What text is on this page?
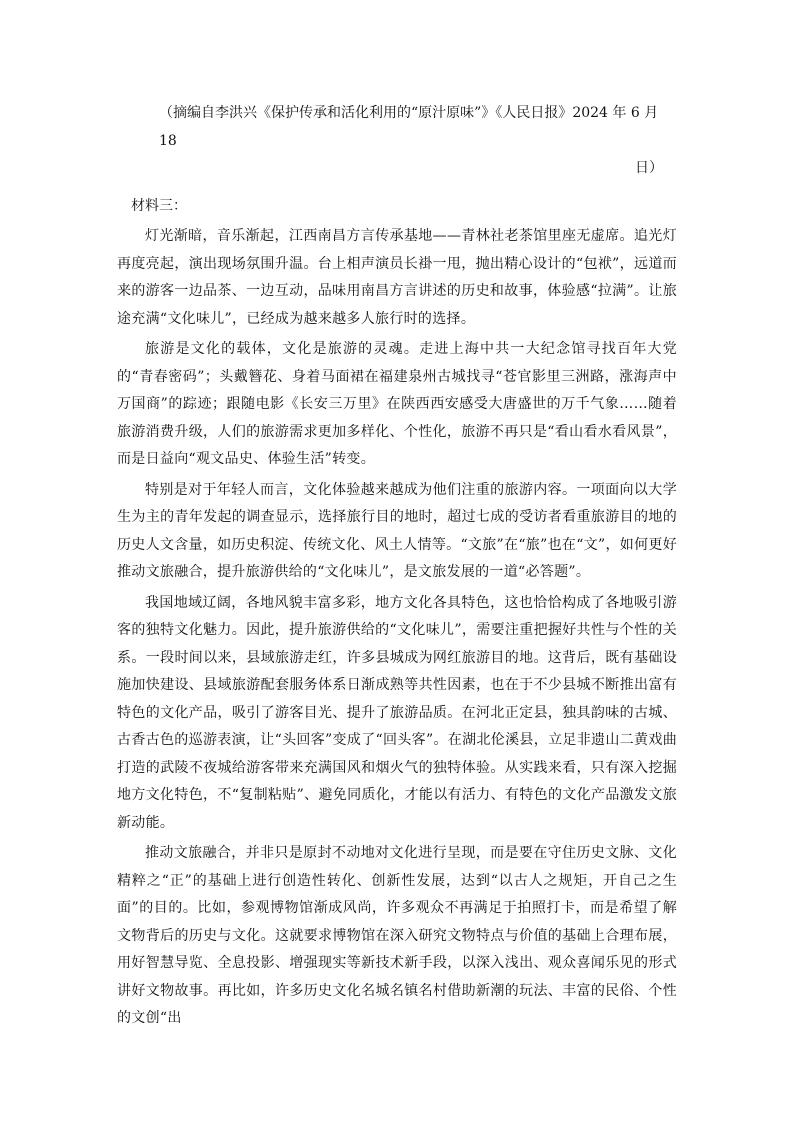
（摘编自李洪兴《保护传承和活化利用的“原汁原味”》《人民日报》2024 年 6 月 18
日）
材料三：

灯光渐暗，音乐渐起，江西南昌方言传承基地——青林社老茶馆里座无虚席。追光灯再度亮起，演出现场氛围升温。台上相声演员长褂一甩，抛出精心设计的“包袱”，远道而来的游客一边品茶、一边互动，品味用南昌方言讲述的历史和故事，体验感“拉满”。让旅途充满“文化味儿”，已经成为越来越多人旅行时的选择。

旅游是文化的载体，文化是旅游的灵魂。走进上海中共一大纪念馆寻找百年大党的“青春密码”；头戴簪花、身着马面裙在福建泉州古城找寻“苍官影里三洲路，涨海声中万国商”的踪迹；跟随电影《长安三万里》在陕西西安感受大唐盛世的万千气象……随着旅游消费升级，人们的旅游需求更加多样化、个性化，旅游不再只是“看山看水看风景”，而是日益向“观文品史、体验生活”转变。

特别是对于年轻人而言，文化体验越来越成为他们注重的旅游内容。一项面向以大学生为主的青年发起的调查显示，选择旅行目的地时，超过七成的受访者看重旅游目的地的历史人文含量，如历史积淀、传统文化、风土人情等。“文旅”在“旅”也在“文”，如何更好推动文旅融合，提升旅游供给的“文化味儿”，是文旅发展的一道“必答题”。

我国地域辽阔，各地风貌丰富多彩，地方文化各具特色，这也恰恰构成了各地吸引游客的独特文化魅力。因此，提升旅游供给的“文化味儿”，需要注重把握好共性与个性的关系。一段时间以来，县域旅游走红，许多县城成为网红旅游目的地。这背后，既有基础设施加快建设、县域旅游配套服务体系日渐成熟等共性因素，也在于不少县城不断推出富有特色的文化产品，吸引了游客目光、提升了旅游品质。在河北正定县，独具韵味的古城、古香古色的巡游表演，让“头回客”变成了“回头客”。在湖北伦溪县，立足非遗山二黄戏曲打造的武陵不夜城给游客带来充满国风和烟火气的独特体验。从实践来看，只有深入挖掘地方文化特色，不“复制粘贴”、避免同质化，才能以有活力、有特色的文化产品激发文旅新动能。

推动文旅融合，并非只是原封不动地对文化进行呈现，而是要在守住历史文脉、文化精粹之“正”的基础上进行创造性转化、创新性发展，达到“以古人之规矩，开自己之生面”的目的。比如，参观博物馆渐成风尚，许多观众不再满足于拍照打卡，而是希望了解文物背后的历史与文化。这就要求博物馆在深入研究文物特点与价值的基础上合理布展，用好智慧导览、全息投影、增强现实等新技术新手段，以深入浅出、观众喜闻乐见的形式讲好文物故事。再比如，许多历史文化名城名镇名村借助新潮的玩法、丰富的民俗、个性的文创“出
